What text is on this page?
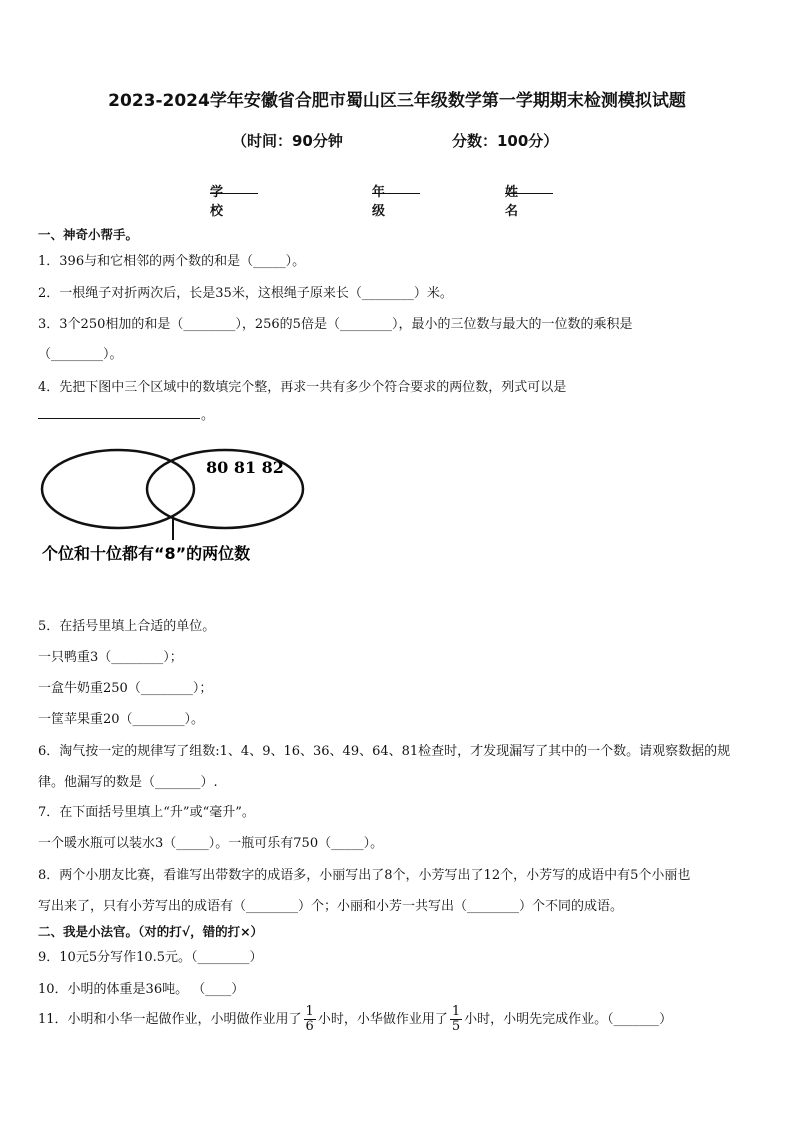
2023-2024学年安徽省合肥市蜀山区三年级数学第一学期期末检测模拟试题
（时间：90分钟	分数：100分）
学校
年级
姓名
一、神奇小帮手。
1．396与和它相邻的两个数的和是（_____）。
2．一根绳子对折两次后，长是35米，这根绳子原来长（________）米。
3．3个250相加的和是（________），256的5倍是（________），最小的三位数与最大的一位数的乘积是
（________）。
4．先把下图中三个区域中的数填完个整，再求一共有多少个符合要求的两位数，列式可以是
。
80 81 82
个位和十位都有“8”的两位数
5．在括号里填上合适的单位。
一只鸭重3（________）；
一盒牛奶重250（________）；
一筐苹果重20（________）。
6．淘气按一定的规律写了组数:1、4、9、16、36、49、64、81检查时，才发现漏写了其中的一个数。请观察数据的规
律。他漏写的数是（_______）.
7．在下面括号里填上“升”或“毫升”。
一个暖水瓶可以装水3（_____）。一瓶可乐有750（_____）。
8．两个小朋友比赛，看谁写出带数字的成语多，小丽写出了8个，小芳写出了12个，小芳写的成语中有5个小丽也
写出来了，只有小芳写出的成语有（________）个；小丽和小芳一共写出（________）个不同的成语。
二、我是小法官。（对的打√，错的打×）
9．10元5分写作10.5元。（________）
10．小明的体重是36吨。 （____）
11．小明和小华一起做作业，小明做作业用了 $\frac{1}{6}$ 小时，小华做作业用了 $\frac{1}{5}$ 小时，小明先完成作业。（_______）
